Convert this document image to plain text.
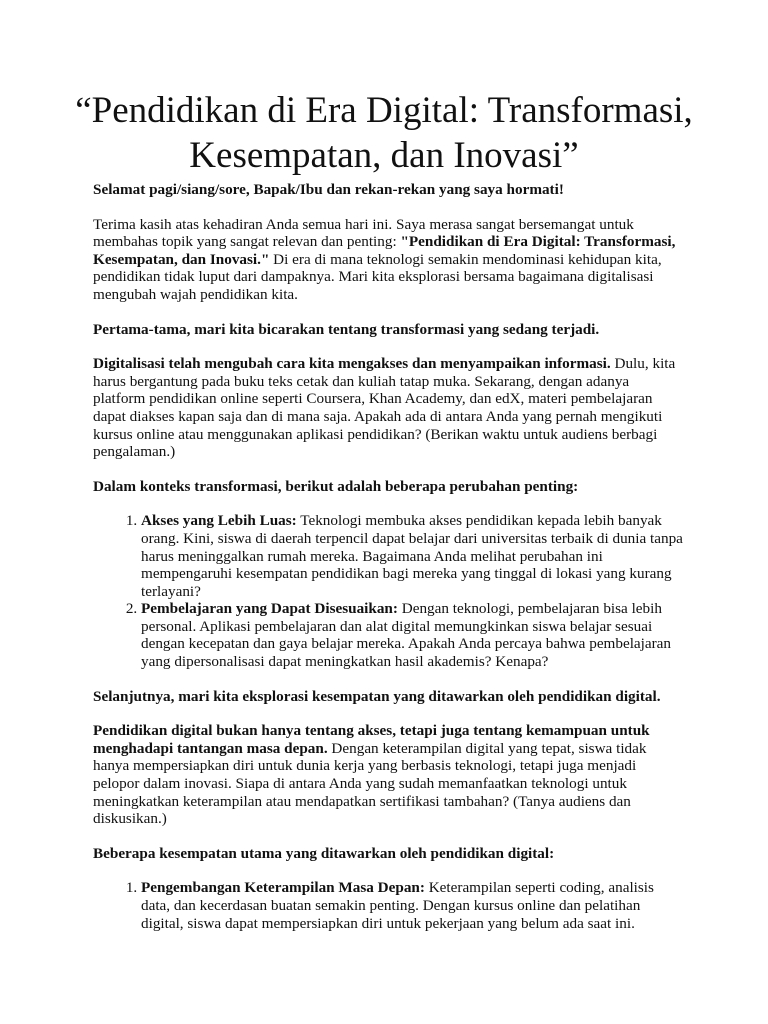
“Pendidikan di Era Digital: Transformasi, Kesempatan, dan Inovasi”

Selamat pagi/siang/sore, Bapak/Ibu dan rekan-rekan yang saya hormati!

Terima kasih atas kehadiran Anda semua hari ini. Saya merasa sangat bersemangat untuk membahas topik yang sangat relevan dan penting: "Pendidikan di Era Digital: Transformasi, Kesempatan, dan Inovasi." Di era di mana teknologi semakin mendominasi kehidupan kita, pendidikan tidak luput dari dampaknya. Mari kita eksplorasi bersama bagaimana digitalisasi mengubah wajah pendidikan kita.

Pertama-tama, mari kita bicarakan tentang transformasi yang sedang terjadi.

Digitalisasi telah mengubah cara kita mengakses dan menyampaikan informasi. Dulu, kita harus bergantung pada buku teks cetak dan kuliah tatap muka. Sekarang, dengan adanya platform pendidikan online seperti Coursera, Khan Academy, dan edX, materi pembelajaran dapat diakses kapan saja dan di mana saja. Apakah ada di antara Anda yang pernah mengikuti kursus online atau menggunakan aplikasi pendidikan? (Berikan waktu untuk audiens berbagi pengalaman.)

Dalam konteks transformasi, berikut adalah beberapa perubahan penting:

1. Akses yang Lebih Luas: Teknologi membuka akses pendidikan kepada lebih banyak orang. Kini, siswa di daerah terpencil dapat belajar dari universitas terbaik di dunia tanpa harus meninggalkan rumah mereka. Bagaimana Anda melihat perubahan ini mempengaruhi kesempatan pendidikan bagi mereka yang tinggal di lokasi yang kurang terlayani?
2. Pembelajaran yang Dapat Disesuaikan: Dengan teknologi, pembelajaran bisa lebih personal. Aplikasi pembelajaran dan alat digital memungkinkan siswa belajar sesuai dengan kecepatan dan gaya belajar mereka. Apakah Anda percaya bahwa pembelajaran yang dipersonalisasi dapat meningkatkan hasil akademis? Kenapa?

Selanjutnya, mari kita eksplorasi kesempatan yang ditawarkan oleh pendidikan digital.

Pendidikan digital bukan hanya tentang akses, tetapi juga tentang kemampuan untuk menghadapi tantangan masa depan. Dengan keterampilan digital yang tepat, siswa tidak hanya mempersiapkan diri untuk dunia kerja yang berbasis teknologi, tetapi juga menjadi pelopor dalam inovasi. Siapa di antara Anda yang sudah memanfaatkan teknologi untuk meningkatkan keterampilan atau mendapatkan sertifikasi tambahan? (Tanya audiens dan diskusikan.)

Beberapa kesempatan utama yang ditawarkan oleh pendidikan digital:

1. Pengembangan Keterampilan Masa Depan: Keterampilan seperti coding, analisis data, dan kecerdasan buatan semakin penting. Dengan kursus online dan pelatihan digital, siswa dapat mempersiapkan diri untuk pekerjaan yang belum ada saat ini.
